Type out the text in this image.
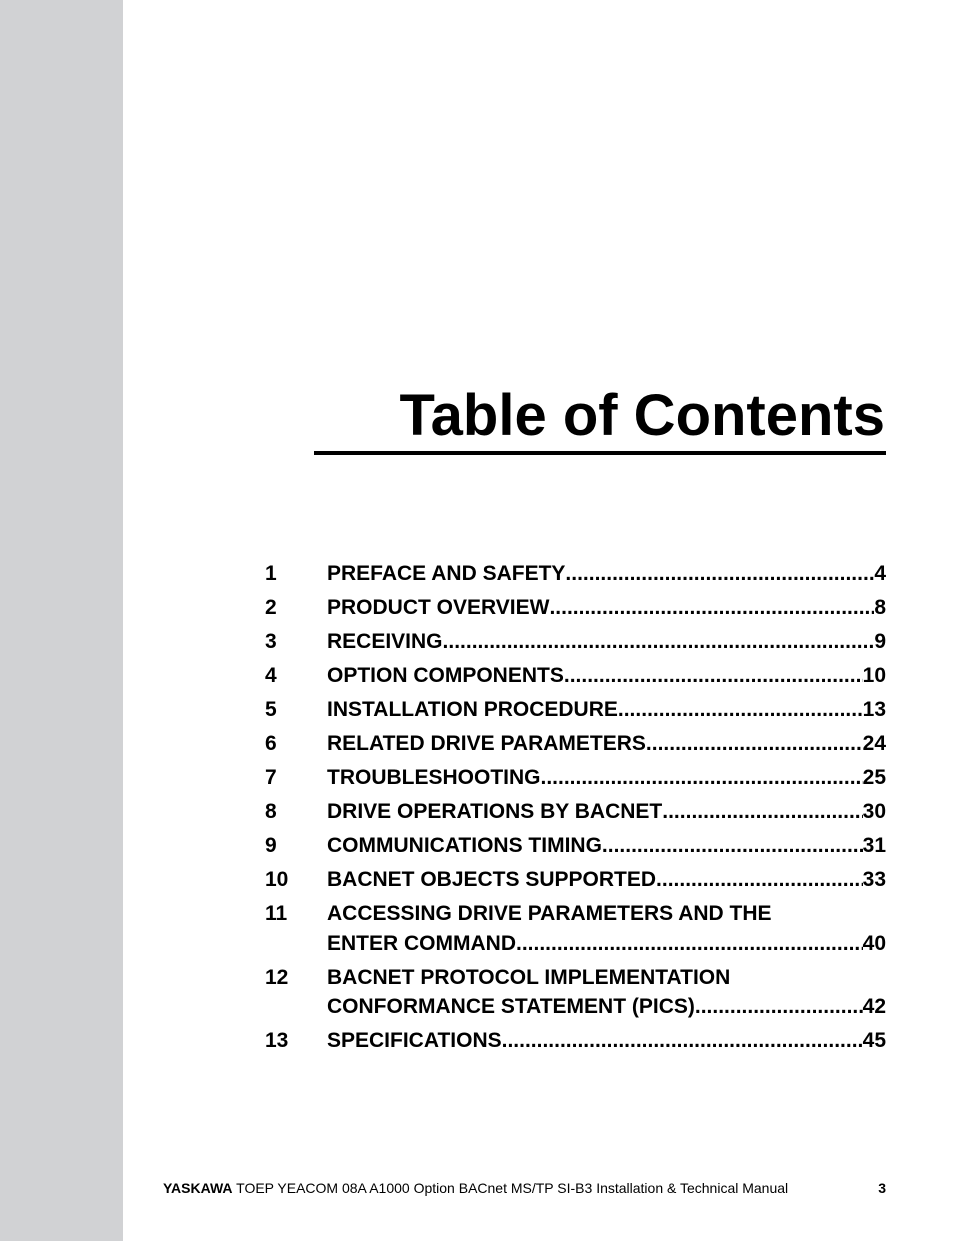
Table of Contents
1	PREFACE AND SAFETY .....	4
2	PRODUCT OVERVIEW .....	8
3	RECEIVING .....	9
4	OPTION COMPONENTS .....	10
5	INSTALLATION PROCEDURE .....	13
6	RELATED DRIVE PARAMETERS .....	24
7	TROUBLESHOOTING .....	25
8	DRIVE OPERATIONS BY BACNET .....	30
9	COMMUNICATIONS TIMING .....	31
10	BACNET OBJECTS SUPPORTED .....	33
11	ACCESSING DRIVE PARAMETERS AND THE
ENTER COMMAND .....	40
12	BACNET PROTOCOL IMPLEMENTATION
CONFORMANCE STATEMENT (PICS) .....	42
13	SPECIFICATIONS .....	45
YASKAWA TOEP YEACOM 08A A1000 Option BACnet MS/TP SI-B3 Installation & Technical Manual	3
